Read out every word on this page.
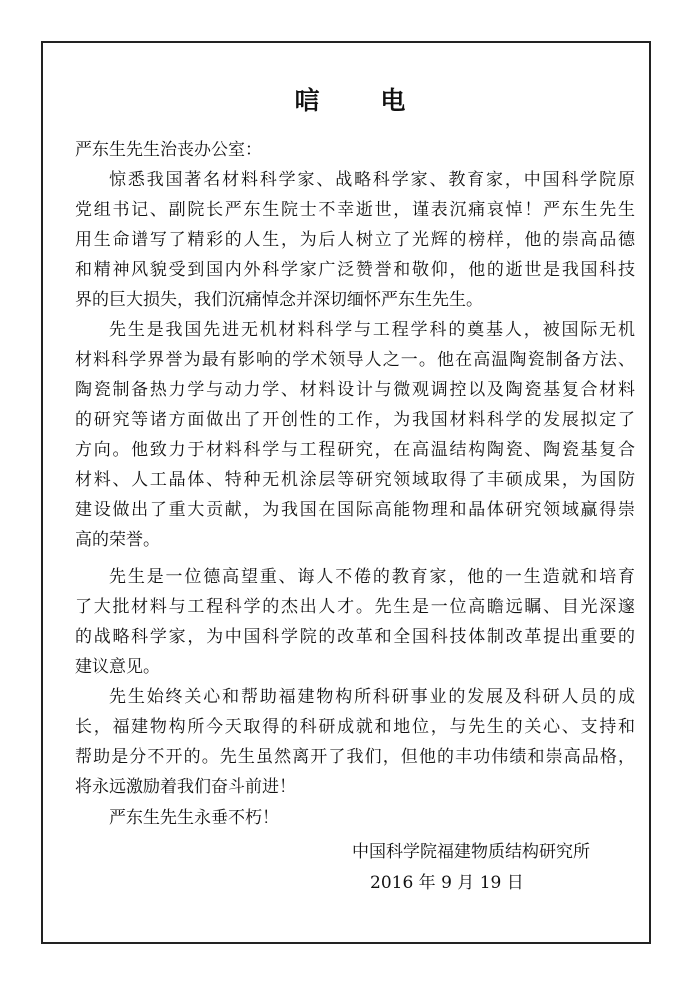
唁 电
严东生先生治丧办公室：
惊悉我国著名材料科学家、战略科学家、教育家，中国科学院原
党组书记、副院长严东生院士不幸逝世，谨表沉痛哀悼！严东生先生
用生命谱写了精彩的人生，为后人树立了光辉的榜样，他的崇高品德
和精神风貌受到国内外科学家广泛赞誉和敬仰，他的逝世是我国科技
界的巨大损失，我们沉痛悼念并深切缅怀严东生先生。
先生是我国先进无机材料科学与工程学科的奠基人，被国际无机
材料科学界誉为最有影响的学术领导人之一。他在高温陶瓷制备方法、
陶瓷制备热力学与动力学、材料设计与微观调控以及陶瓷基复合材料
的研究等诸方面做出了开创性的工作，为我国材料科学的发展拟定了
方向。他致力于材料科学与工程研究，在高温结构陶瓷、陶瓷基复合
材料、人工晶体、特种无机涂层等研究领域取得了丰硕成果，为国防
建设做出了重大贡献，为我国在国际高能物理和晶体研究领域赢得崇
高的荣誉。
先生是一位德高望重、诲人不倦的教育家，他的一生造就和培育
了大批材料与工程科学的杰出人才。先生是一位高瞻远瞩、目光深邃
的战略科学家，为中国科学院的改革和全国科技体制改革提出重要的
建议意见。
先生始终关心和帮助福建物构所科研事业的发展及科研人员的成
长，福建物构所今天取得的科研成就和地位，与先生的关心、支持和
帮助是分不开的。先生虽然离开了我们，但他的丰功伟绩和崇高品格，
将永远激励着我们奋斗前进！
严东生先生永垂不朽！
中国科学院福建物质结构研究所
2016 年 9 月 19 日
